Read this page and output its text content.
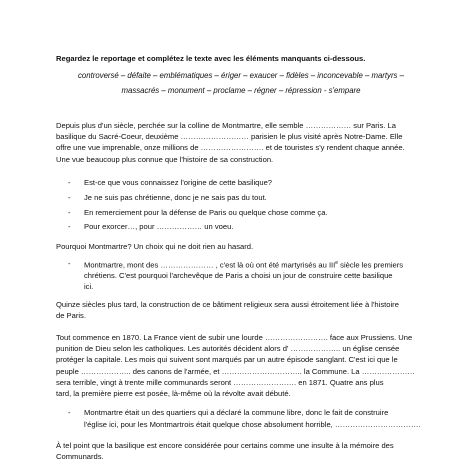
Regardez le reportage et complétez le texte avec les éléments manquants ci-dessous.
controversé – défaite – emblématiques – ériger – exaucer – fidèles – inconcevable – martyrs –
massacrés – monument – proclame – régner – répression - s'empare
Depuis plus d'un siècle, perchée sur la colline de Montmartre, elle semble ……………… sur Paris. La
basilique du Sacré-Coeur, deuxième ……………………… parisien le plus visité après Notre-Dame. Elle
offre une vue imprenable, onze millions de ……………………. et de touristes s'y rendent chaque année.
Une vue beaucoup plus connue que l'histoire de sa construction.
- Est-ce que vous connaissez l'origine de cette basilique?
- Je ne suis pas chrétienne, donc je ne sais pas du tout.
- En remerciement pour la défense de Paris ou quelque chose comme ça.
- Pour exorcer…, pour ……………… un voeu.
Pourquoi Montmartre? Un choix qui ne doit rien au hasard.
- Montmartre, mont des ………………… , c'est là où ont été martyrisés au IIIe siècle les premiers
chrétiens. C'est pourquoi l'archevêque de Paris a choisi un jour de construire cette basilique
ici.
Quinze siècles plus tard, la construction de ce bâtiment religieux sera aussi étroitement liée à l'histoire
de Paris.
Tout commence en 1870. La France vient de subir une lourde ……………………. face aux Prussiens. Une
punition de Dieu selon les catholiques. Les autorités décident alors d' ……………….. un église censée
protéger la capitale. Les mois qui suivent sont marqués par un autre épisode sanglant. C'est ici que le
peuple ……………….. des canons de l'armée, et ………………………….. la Commune. La …………………
sera terrible, vingt à trente mille communards seront ……………………. en 1871. Quatre ans plus
tard, la première pierre est posée, là-même où la révolte avait débuté.
- Montmartre était un des quartiers qui a déclaré la commune libre, donc le fait de construire
l'église ici, pour les Montmartrois était quelque chose absolument horrible, …………………………….
À tel point que la basilique est encore considérée pour certains comme une insulte à la mémoire des
Communards.
